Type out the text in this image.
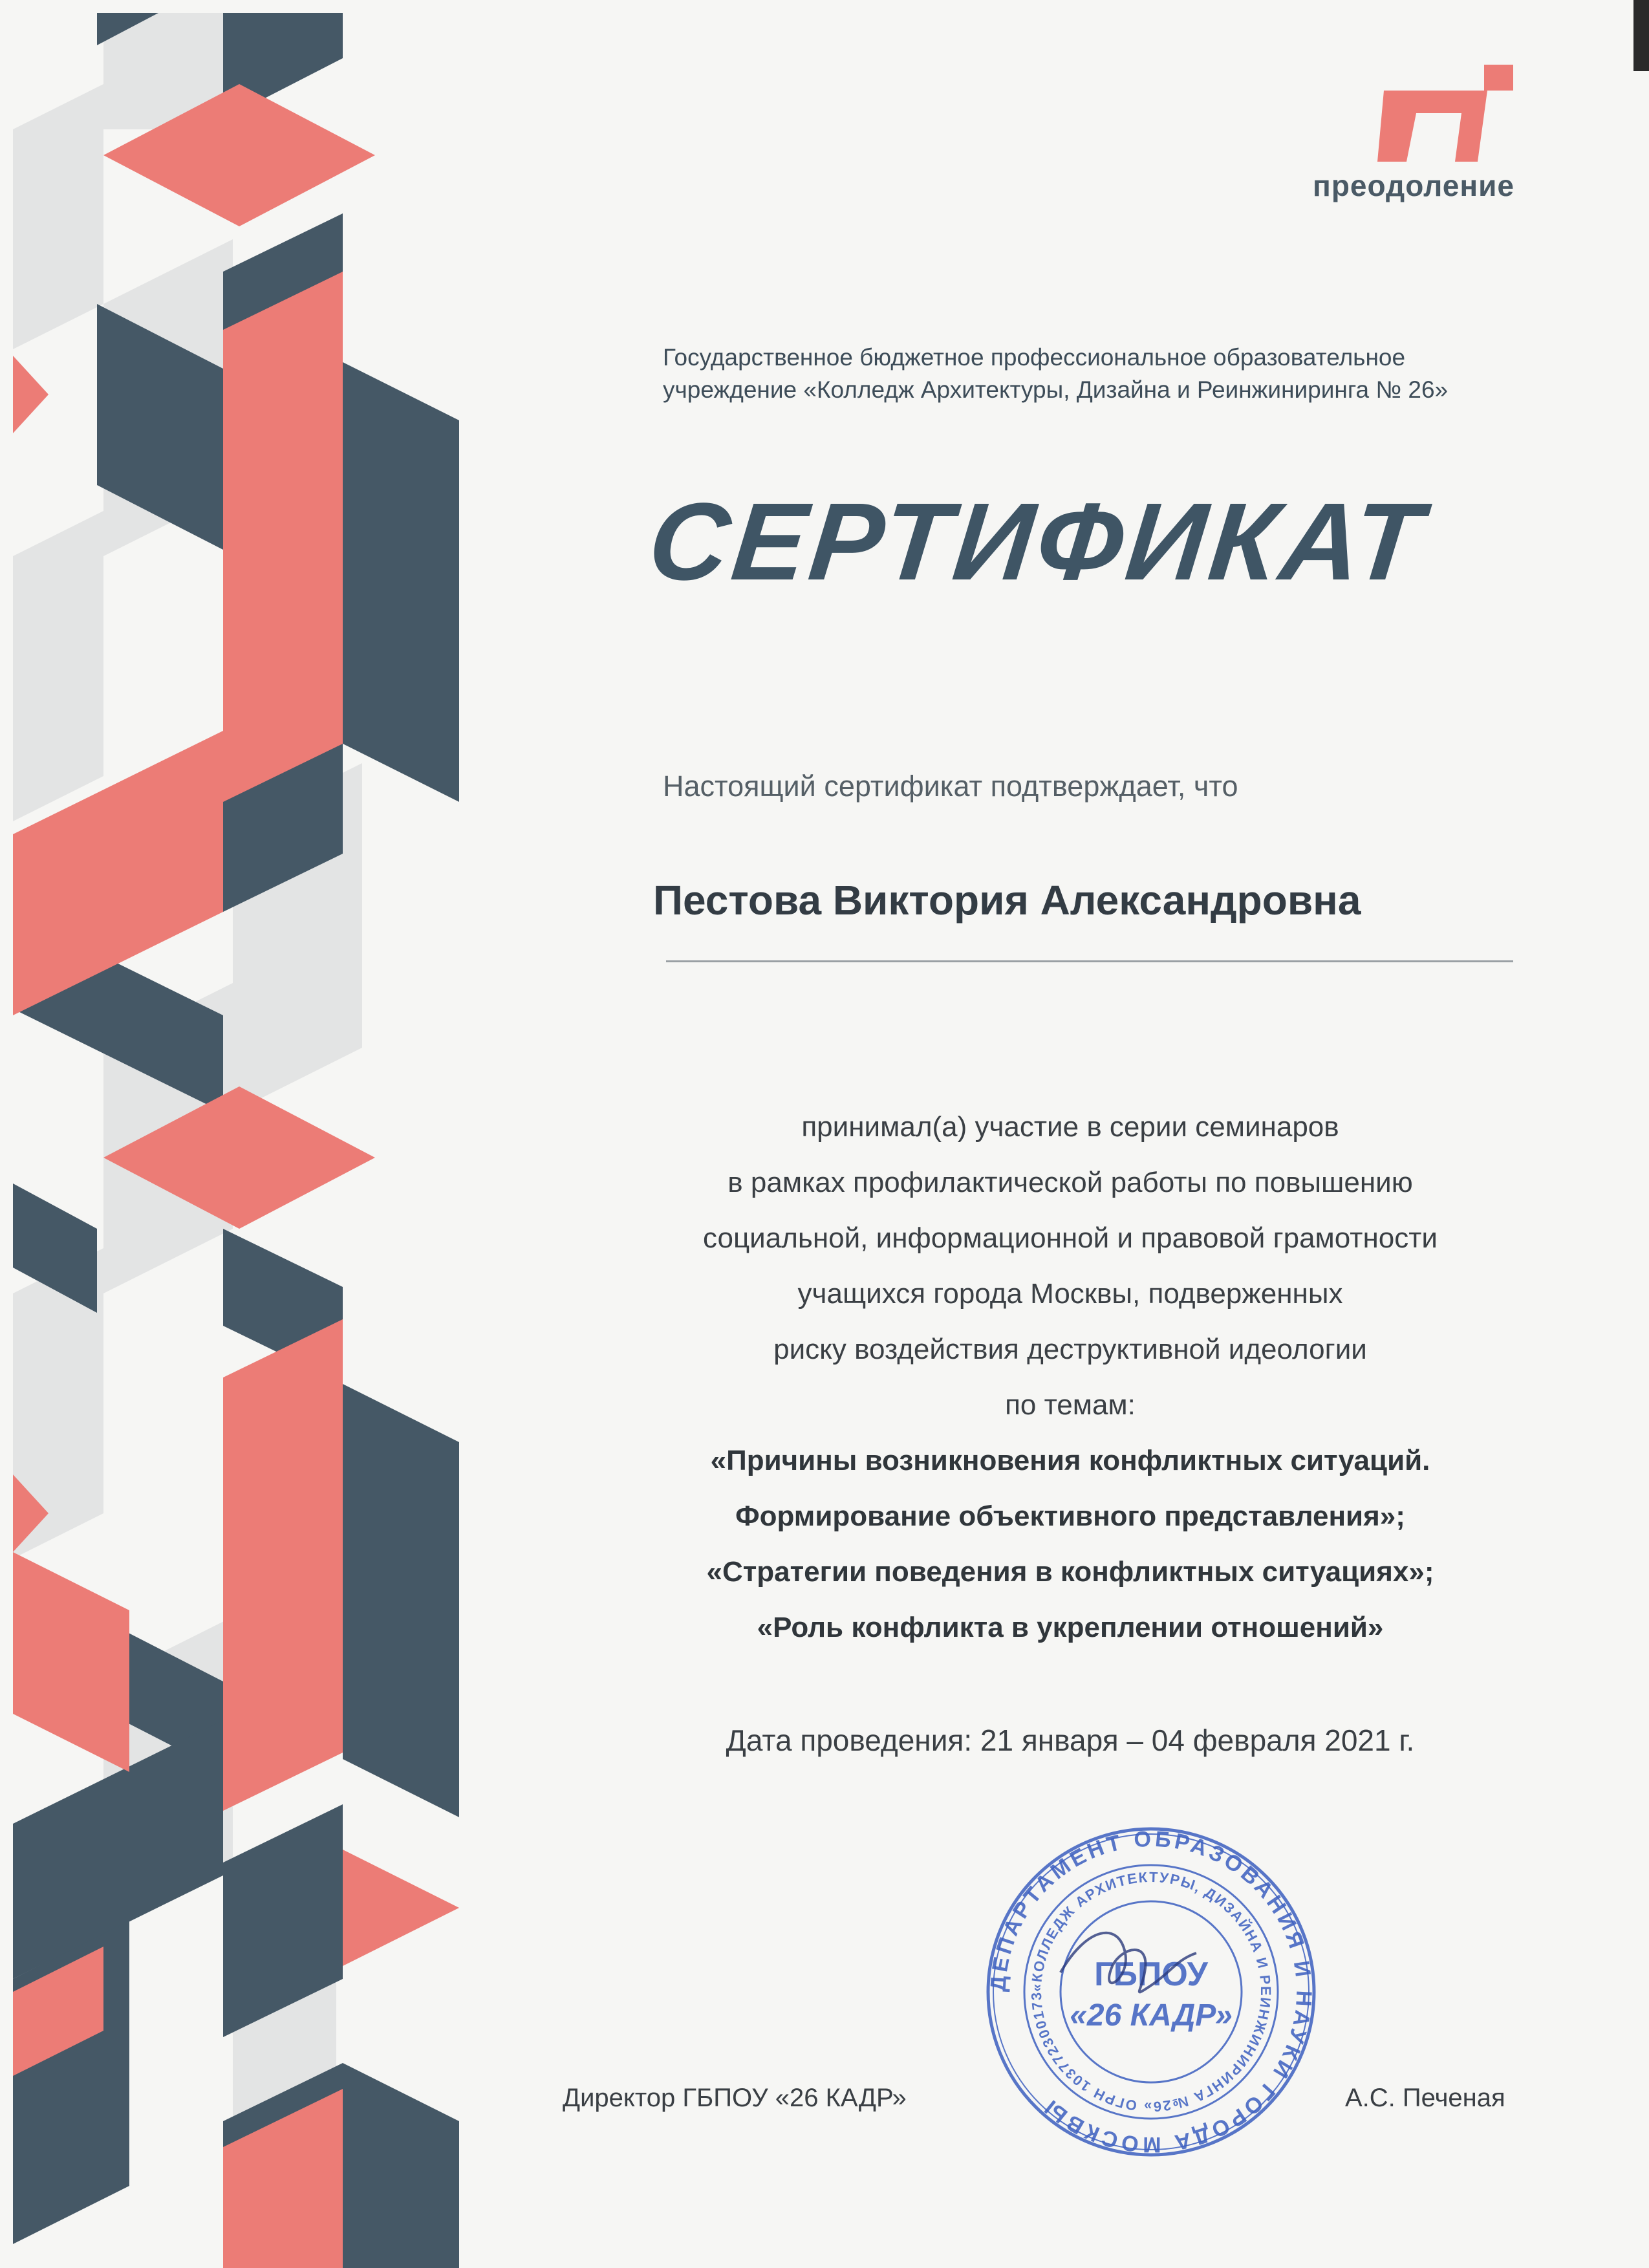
преодоление
Государственное бюджетное профессиональное образовательное
учреждение «Колледж Архитектуры, Дизайна и Реинжиниринга № 26»
СЕРТИФИКАТ
Настоящий сертификат подтверждает, что
Пестова Виктория Александровна
принимал(а) участие в серии семинаров
в рамках профилактической работы по повышению
социальной, информационной и правовой грамотности
учащихся города Москвы, подверженных
риску воздействия деструктивной идеологии
по темам:
«Причины возникновения конфликтных ситуаций.
Формирование объективного представления»;
«Стратегии поведения в конфликтных ситуациях»;
«Роль конфликта в укреплении отношений»
Дата проведения: 21 января – 04 февраля 2021 г.
ДЕПАРТАМЕНТ ОБРАЗОВАНИЯ И НАУКИ ГОРОДА МОСКВЫ
«КОЛЛЕДЖ АРХИТЕКТУРЫ, ДИЗАЙНА И РЕИНЖИНИРИНГА №26» ОГРН 103772300173
ГБПОУ
«26 КАДР»
Директор ГБПОУ «26 КАДР»	А.С. Печеная
